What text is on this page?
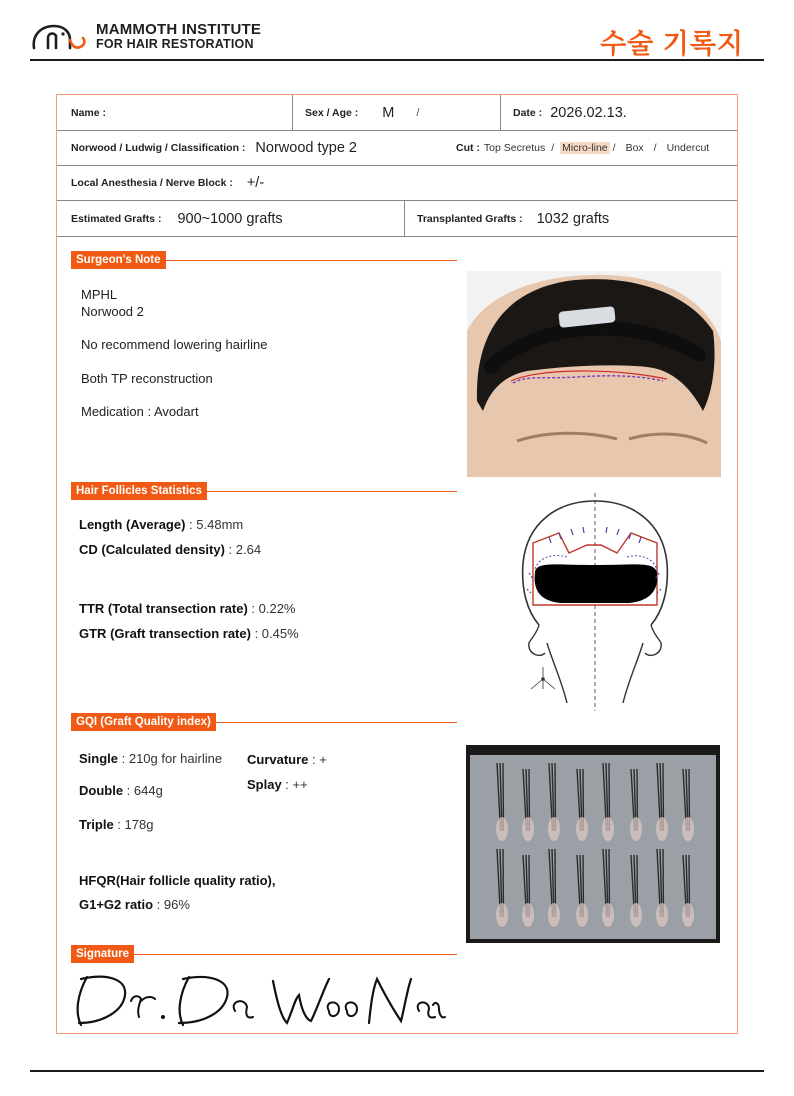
MAMMOTH INSTITUTE
FOR HAIR RESTORATION	수술 기록지
Name :	Sex / Age : M /	Date : 2026.02.13.
Norwood / Ludwig / Classification : Norwood type 2	Cut : Top Secretus / Micro-line / Box / Undercut
Local Anesthesia / Nerve Block : +/-
Estimated Grafts : 900~1000 grafts	Transplanted Grafts : 1032 grafts
Surgeon's Note
MPHL
Norwood 2
No recommend lowering hairline
Both TP reconstruction
Medication : Avodart
Hair Follicles Statistics
Length (Average) : 5.48mm
CD (Calculated density) : 2.64
TTR (Total transection rate) : 0.22%
GTR (Graft transection rate) : 0.45%
GQI (Graft Quality index)
Single : 210g for hairline
Double : 644g
Triple : 178g
Curvature : +
Splay : ++
HFQR(Hair follicle quality ratio),
G1+G2 ratio : 96%
Signature
